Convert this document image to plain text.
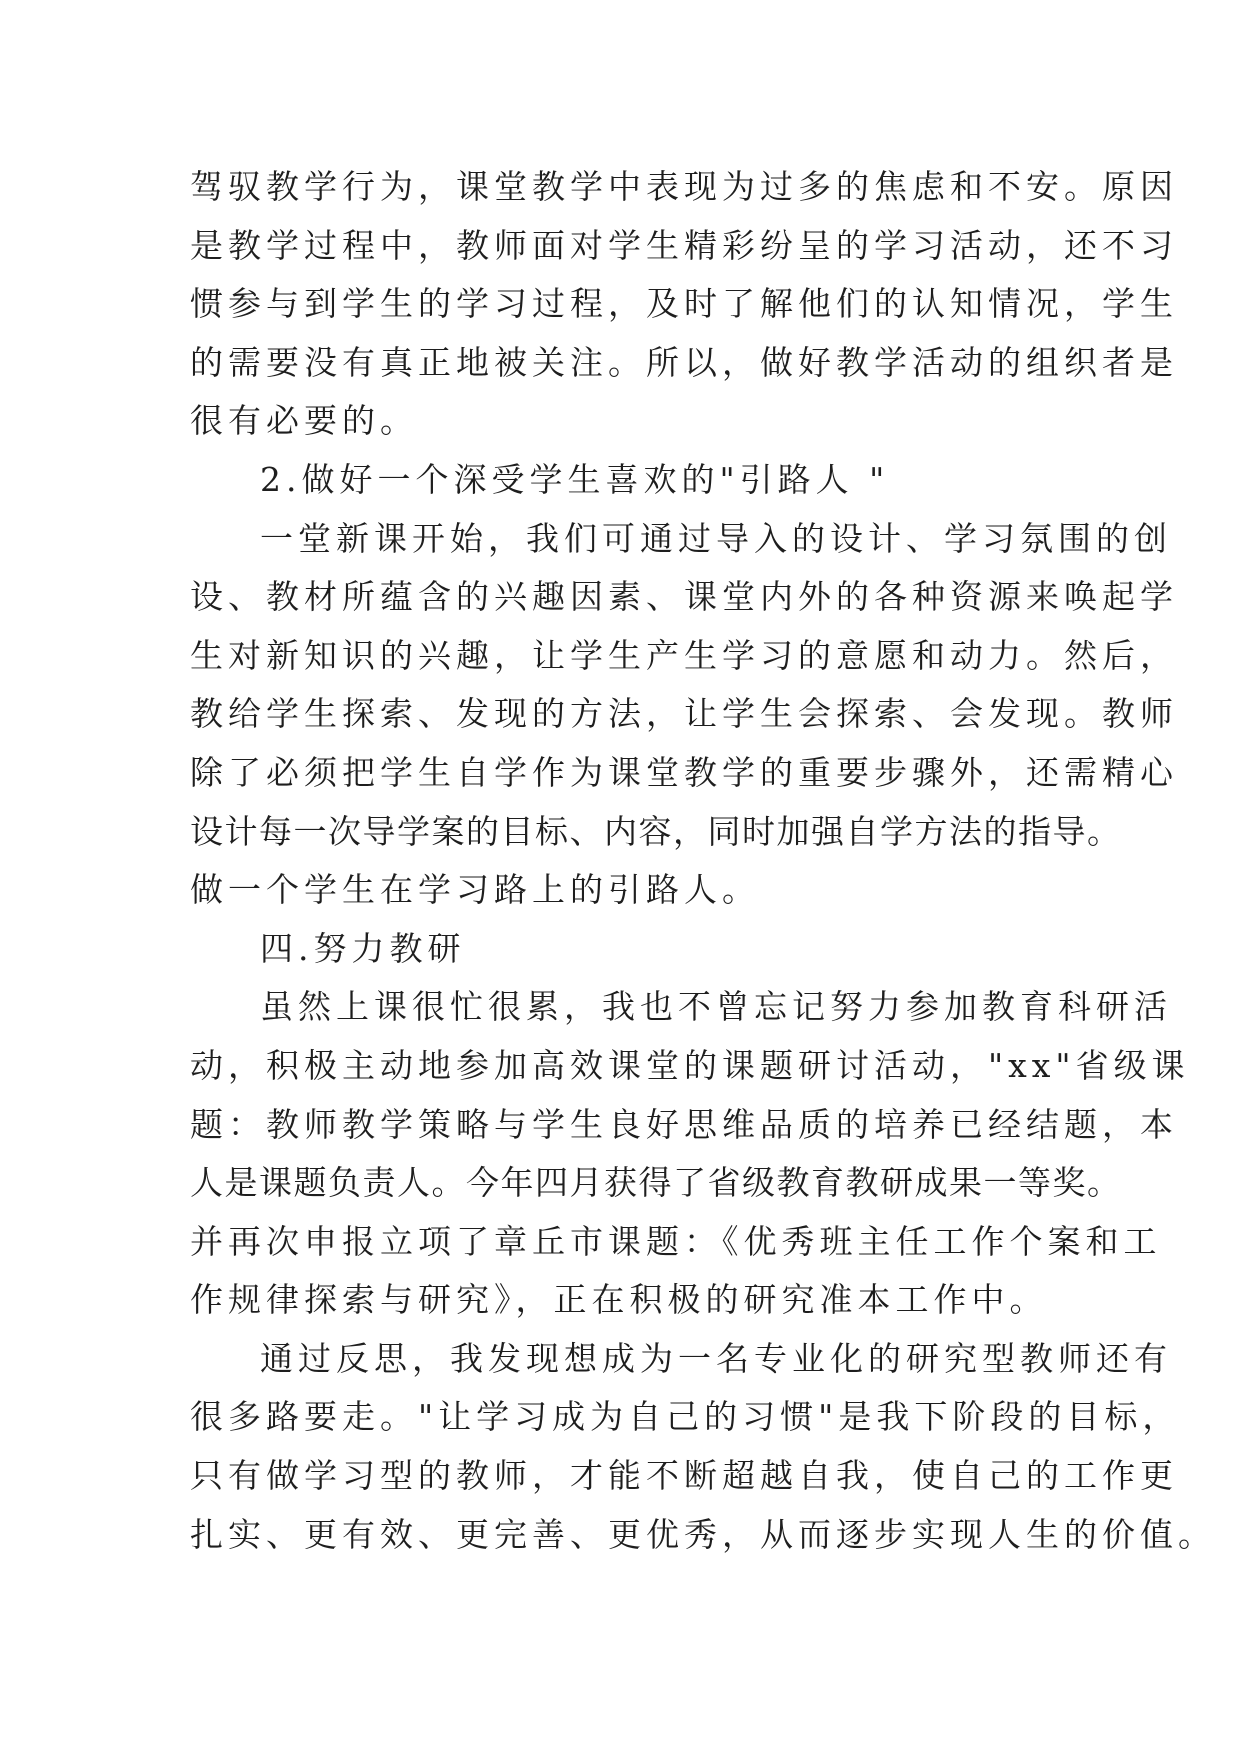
驾驭教学行为，课堂教学中表现为过多的焦虑和不安。原因
是教学过程中，教师面对学生精彩纷呈的学习活动，还不习
惯参与到学生的学习过程，及时了解他们的认知情况，学生
的需要没有真正地被关注。所以，做好教学活动的组织者是
很有必要的。
2.做好一个深受学生喜欢的"引路人 "
一堂新课开始，我们可通过导入的设计、学习氛围的创
设、教材所蕴含的兴趣因素、课堂内外的各种资源来唤起学
生对新知识的兴趣，让学生产生学习的意愿和动力。然后，
教给学生探索、发现的方法，让学生会探索、会发现。教师
除了必须把学生自学作为课堂教学的重要步骤外，还需精心
设计每一次导学案的目标、内容，同时加强自学方法的指导。
做一个学生在学习路上的引路人。
四.努力教研
虽然上课很忙很累，我也不曾忘记努力参加教育科研活
动，积极主动地参加高效课堂的课题研讨活动，"xx"省级课
题：教师教学策略与学生良好思维品质的培养已经结题，本
人是课题负责人。今年四月获得了省级教育教研成果一等奖。
并再次申报立项了章丘市课题：《优秀班主任工作个案和工
作规律探索与研究》，正在积极的研究准本工作中。
通过反思，我发现想成为一名专业化的研究型教师还有
很多路要走。"让学习成为自己的习惯"是我下阶段的目标，
只有做学习型的教师，才能不断超越自我，使自己的工作更
扎实、更有效、更完善、更优秀，从而逐步实现人生的价值。
